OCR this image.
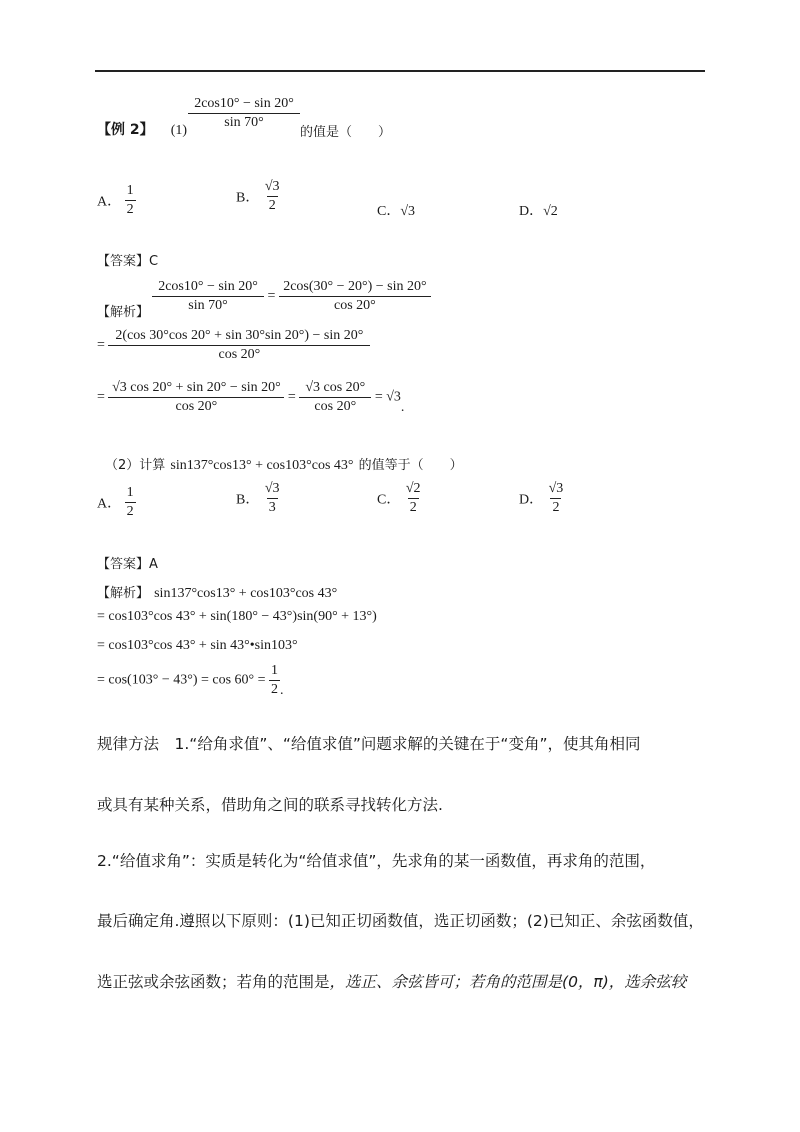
【例 2】 $(1) \frac{2\cos 10^\circ - \sin 20^\circ}{\sin 70^\circ}$
的值是（　　）
A． $\frac{1}{2}$	B． $\frac{√3}{2}$	C．√3	D．√2
【答案】C
【解析】 $\frac{2\cos 10^\circ - \sin 20^\circ}{\sin 70^\circ} = \frac{2\cos(30^\circ - 20^\circ) - \sin 20^\circ}{\cos 20^\circ}$
= $\frac{2(\cos 30^\circ\cos 20^\circ + \sin 30^\circ\sin 20^\circ) - \sin 20^\circ}{\cos 20^\circ}$
= $\frac{√3 \cos 20^\circ + \sin 20^\circ - \sin 20^\circ}{\cos 20^\circ} = \frac{√3 \cos 20^\circ}{\cos 20^\circ} = √3$.
（2）计算 sin137°cos13° + cos103°cos 43° 的值等于（　　）
A． $\frac{1}{2}$	B． $\frac{√3}{3}$	C． $\frac{√2}{2}$	D． $\frac{√3}{2}$
【答案】A
【解析】 sin137°cos13° + cos103°cos 43°
= cos103°cos 43° + sin(180° − 43°)sin(90° + 13°)
= cos103°cos 43° + sin 43°•sin103°
= $\cos(103^\circ - 43^\circ) = \cos 60^\circ = \frac{1}{2}$ .
规律方法　1.“给角求值”、“给值求值”问题求解的关键在于“变角”，使其角相同
或具有某种关系，借助角之间的联系寻找转化方法.
2.“给值求角”：实质是转化为“给值求值”，先求角的某一函数值，再求角的范围，
最后确定角.遵照以下原则：(1)已知正切函数值，选正切函数；(2)已知正、余弦函数值，
选正弦或余弦函数；若角的范围是，选正、余弦皆可；若角的范围是(0，π)，选余弦较
